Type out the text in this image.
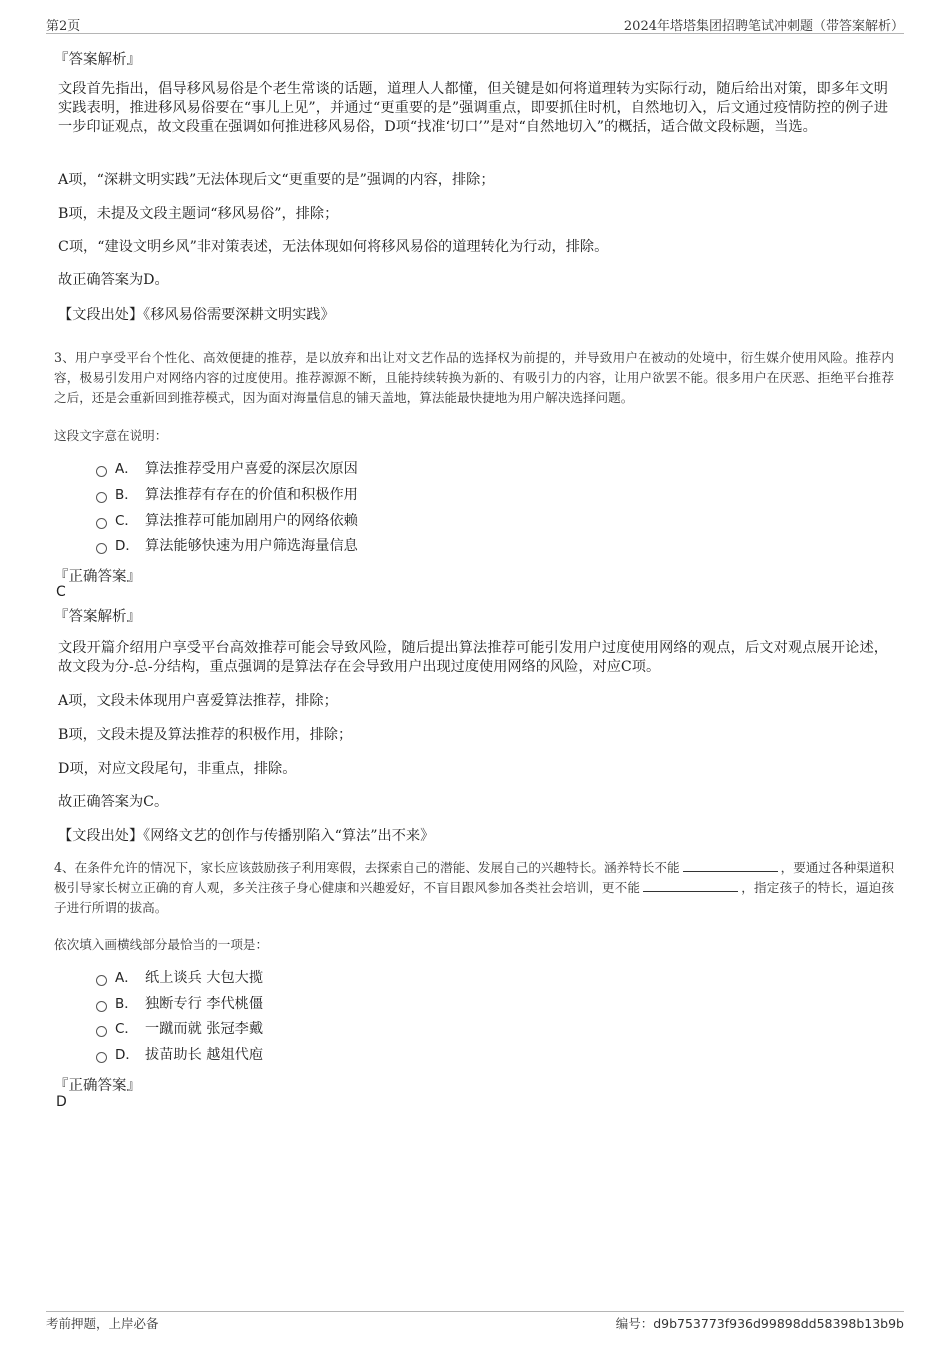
第2页	2024年塔塔集团招聘笔试冲刺题（带答案解析）
『答案解析』
文段首先指出，倡导移风易俗是个老生常谈的话题，道理人人都懂，但关键是如何将道理转为实际行动，随后给出对策，即多年文明实践表明，推进移风易俗要在“事儿上见”，并通过“更重要的是”强调重点，即要抓住时机，自然地切入，后文通过疫情防控的例子进一步印证观点，故文段重在强调如何推进移风易俗，D项“找准‘切口’”是对“自然地切入”的概括，适合做文段标题，当选。
A项，“深耕文明实践”无法体现后文“更重要的是”强调的内容，排除；
B项，未提及文段主题词“移风易俗”，排除；
C项，“建设文明乡风”非对策表述，无法体现如何将移风易俗的道理转化为行动，排除。
故正确答案为D。
【文段出处】《移风易俗需要深耕文明实践》
3、用户享受平台个性化、高效便捷的推荐，是以放弃和出让对文艺作品的选择权为前提的，并导致用户在被动的处境中，衍生媒介使用风险。推荐内容，极易引发用户对网络内容的过度使用。推荐源源不断，且能持续转换为新的、有吸引力的内容，让用户欲罢不能。很多用户在厌恶、拒绝平台推荐之后，还是会重新回到推荐模式，因为面对海量信息的铺天盖地，算法能最快捷地为用户解决选择问题。
这段文字意在说明：
A． 算法推荐受用户喜爱的深层次原因
B． 算法推荐有存在的价值和积极作用
C． 算法推荐可能加剧用户的网络依赖
D． 算法能够快速为用户筛选海量信息
『正确答案』
C
『答案解析』
文段开篇介绍用户享受平台高效推荐可能会导致风险，随后提出算法推荐可能引发用户过度使用网络的观点，后文对观点展开论述，故文段为分-总-分结构，重点强调的是算法存在会导致用户出现过度使用网络的风险，对应C项。
A项，文段未体现用户喜爱算法推荐，排除；
B项，文段未提及算法推荐的积极作用，排除；
D项，对应文段尾句，非重点，排除。
故正确答案为C。
【文段出处】《网络文艺的创作与传播别陷入“算法”出不来》
4、在条件允许的情况下，家长应该鼓励孩子利用寒假，去探索自己的潜能、发展自己的兴趣特长。涵养特长不能	，要通过各种渠道积极引导家长树立正确的育人观，多关注孩子身心健康和兴趣爱好，不盲目跟风参加各类社会培训，更不能	，指定孩子的特长，逼迫孩子进行所谓的拔高。
依次填入画横线部分最恰当的一项是：
A． 纸上谈兵 大包大揽
B． 独断专行 李代桃僵
C． 一蹴而就 张冠李戴
D． 拔苗助长 越俎代庖
『正确答案』
D
考前押题，上岸必备	编号：d9b753773f936d99898dd58398b13b9b
